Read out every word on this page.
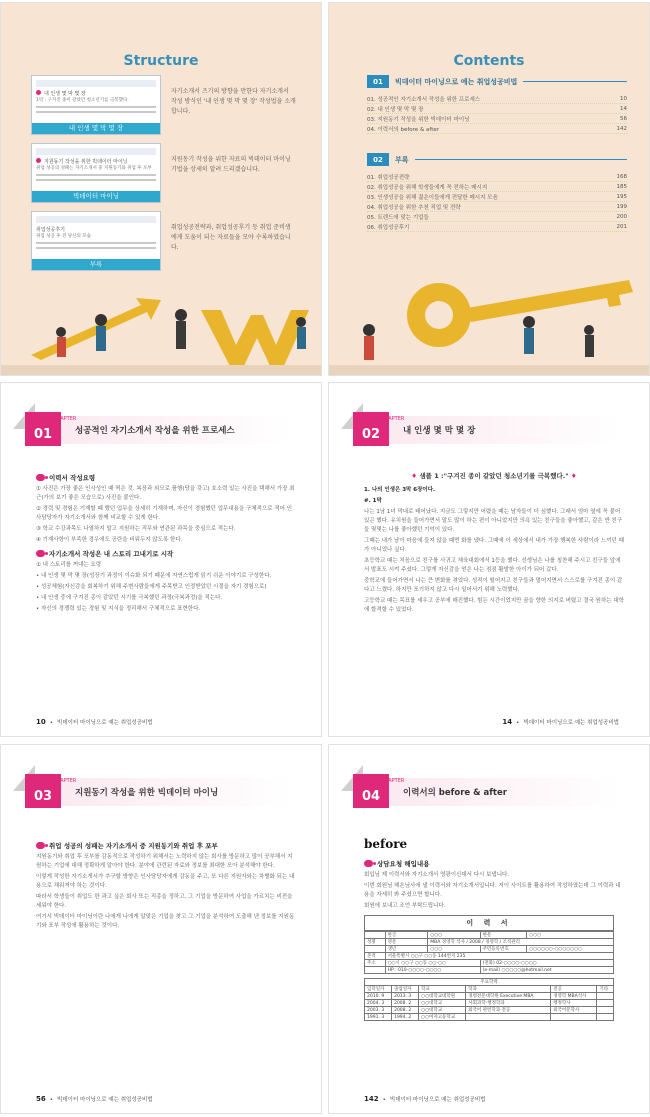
Structure
내 인생 몇 막 몇 장
1막 : 구겨진 종이 같았던 청소년기를 극복했다.
내 인생 몇 막 몇 장
자기소개서 즈기의 방향을 만한다 자기소개서 작성 방식인 '내 인생 몇 막 몇 장' 작성법을 소개합니다.
지원동기 작성을 위한 빅데이터 마이닝
취업 성공의 성패는 자기소개서 중 지원동기와 취업 후 포부
빅데이터 마이닝
지원동기 작성을 위한 자료의 빅데이터 마이닝 기법을 상세히 알려 드리겠습니다.
취업성공후기
취업 성공 후 전 당신의 모습
부록
취업성공전략과, 취업성공후기 등 취업 준비생에게 도움이 되는 자료들을 모아 수록하였습니다.
Contents
01	빅데이터 마이닝으로 예는 취업성공비법
01. 성공적인 자기소개서 작성을 위한 프로세스	10
02. 내 인생 몇 막 몇 장	14
03. 지원동기 작성을 위한 빅데이터 마이닝	56
04. 이력서의 before & after	142
02	부록
01. 취업성공전략	168
02. 취업성공을 위해 학생들에게 꼭 전하는 메시지	185
03. 인생성공을 위해 젊은이들에게 전달한 메시지 모음	195
04. 취업성공을 위한 추천 직업 및 전략	199
05. 트렌드에 맞는 기업들	200
06. 취업성공후기	201
CHAPTER
01	성공적인 자기소개서 작성을 위한 프로세스
이력서 작성요령

① 사진은 가장 좋은 인사성인 때 찍은 것. 복장과 외모로 품행(당을 갖고) 호소력 있는 사진을 택해서 가장 최근(가의 보기 좋은 모습으로) 사진을 붙인다.

② 경력 및 경험은 기재할 때 했던 업무을 상세히 기재하며, 자신이 경험했던 업무내용을 구체적으로 적어 인사담당자가 자기소개서와 함께 비교할 수 있게 한다.

③ 학교 수강과목도 나열하지 말고 지원하는 직무와 연관된 과목을 중심으로 적는다.

④ 기재사항이 부족한 경우에도 공란을 비워두지 않도록 한다.

자기소개서 작성은 내 스토리 끄내기로 시작

① 내 스토리를 꺼내는 요령

• 내 인생 몇 막 몇 장(성장기 과정이 이슈화 되기 때문에 자연스럽게 읽기 쉬운 이야기로 구성한다.

• 성공체험(자신감을 회복하기 위해 주변사람들에게 주목받고 인정받았던 시절을 자기 경험으로)

• 내 인생 중에 구겨진 종이 같았던 시기를 극복했던 과정(극복과정)을 적는다.

• 자신의 경쟁력 있는 경험 및 지식을 정리해서 구체적으로 표현한다.

10 • 빅데이터 마이닝으로 예는 취업성공비법
CHAPTER
02	내 인생 몇 막 몇 장
♦ 샘플 1 :"구겨진 종이 같았던 청소년기를 극복했다." ♦
1. 나의 인생은 3막 6장이다.
#. 1막

나는 1남 1녀 막내로 태어났다. 지금도 그렇지만 어렸을 때는 남자들이 더 심했다. 그래서 엄마 옆에 꼭 붙어 있곤 했다. 유치원을 들어가면서 말도 많이 하는 편이 아니었지만 의욕 있는 친구들을 좋아했고, 같은 반 친구들 몇몇는 나를 좋아했던 기억이 있다.

그때는 내가 남이 마음에 들지 않을 때면 화를 냈다. 그때에 이 세상에서 내가 가장 행복한 사람이라 느끼던 때가 아니었나 싶다.

초등학교 때는 처음으로 친구를 사귀고 체육대회에서 1등을 했다. 선생님은 나를 칭찬해 주시고 친구들 앞에서 발표도 시켜 주셨다. 그렇게 자신감을 얻은 나는 점점 활발한 아이가 되어 갔다.

중학교에 들어가면서 나는 큰 변화를 겪었다. 성적이 떨어지고 친구들과 멀어지면서 스스로를 구겨진 종이 같다고 느꼈다. 하지만 포기하지 않고 다시 일어서기 위해 노력했다.

고등학교 때는 목표를 세우고 공부에 매진했다. 힘든 시간이었지만 꿈을 향한 의지로 버텼고 결국 원하는 대학에 합격할 수 있었다.

14 • 빅데이터 마이닝으로 예는 취업성공비법
CHAPTER
03	지원동기 작성을 위한 빅데이터 마이닝
취업 성공의 성패는 자기소개서 중 지원동기와 취업 후 포부

지원동기와 취업 후 포부를 감동적으로 작성하기 위해서는 노력하지 않는 회사를 방문하고 많이 공부해서 지원하는 기업에 대해 정확하게 알아야 한다. 분야에 관련된 자료와 정보를 최대한 모아 분석해야 한다.

이렇게 작성한 자기소개서가 추구할 방향은 인사담당자에게 감동을 주고, 또 다른 지원자와는 차별화 되는 내용으로 채워져야 하는 것이다.

따라서 학생들이 취업도 한 과고 싶은 회사 또는 직종을 정하고, 그 기업을 방문하여 사업을 가르치는 비전을 세워야 한다.

여기서 빅데이터 마이닝이란 나에게 나에게 알맞은 기업을 찾고 그 기업을 분석하여 도출해 낸 정보를 지원동기와 포부 작성에 활용하는 것이다.

56 • 빅데이터 마이닝으로 예는 취업성공비법
CHAPTER
04	이력서의 before & after
before
상담요청 해입내용

회입님 제 이력서와 자기소개서 영광이신데서 다시 보냅니다.

이번 회원님 헤온님사에 낼 이력서와 자기소개서입니다. 저이 사이트를 활용하여 작성하였는데 그 이력과 내용을 자세히 봐 주셨으면 합니다.

회원에 보내고 조언 부탁드립니다.

이 력 서
	한글	○○○	한문	○○○
성명	영문	MBA 경영학 석사 / 2008 / 경영학 / 조직관리		
	생년	○○○	주민등록번호	○○○○○○-○○○○○○○
본적	서울특별시 ○○구 ○○동 144번지 235			
주소	○○시 ○○구 ○○동 ○○-○○		(전화) 02-○○○○-○○○○	
	HP : 010-○○○○-○○○○		(e-mail) ○○○○○@hotmail.net	
주요학력					
입학일자	졸업일자	학교	학과	전공	기타
2010. 9	2013. 3	○○대학교대학원	경영전문대학원 Executive MBA	경영학 MBA석사	
2004. 3	2008. 2	○○대학교	사회과학-행정학과	행정학사	
2003. 3	2008. 2	○○대학교	외국어 관련학과 전공	외국어문학사	
1991. 3	1994. 2	○○여자고등학교			
142 • 빅데이터 마이닝으로 예는 취업성공비법
